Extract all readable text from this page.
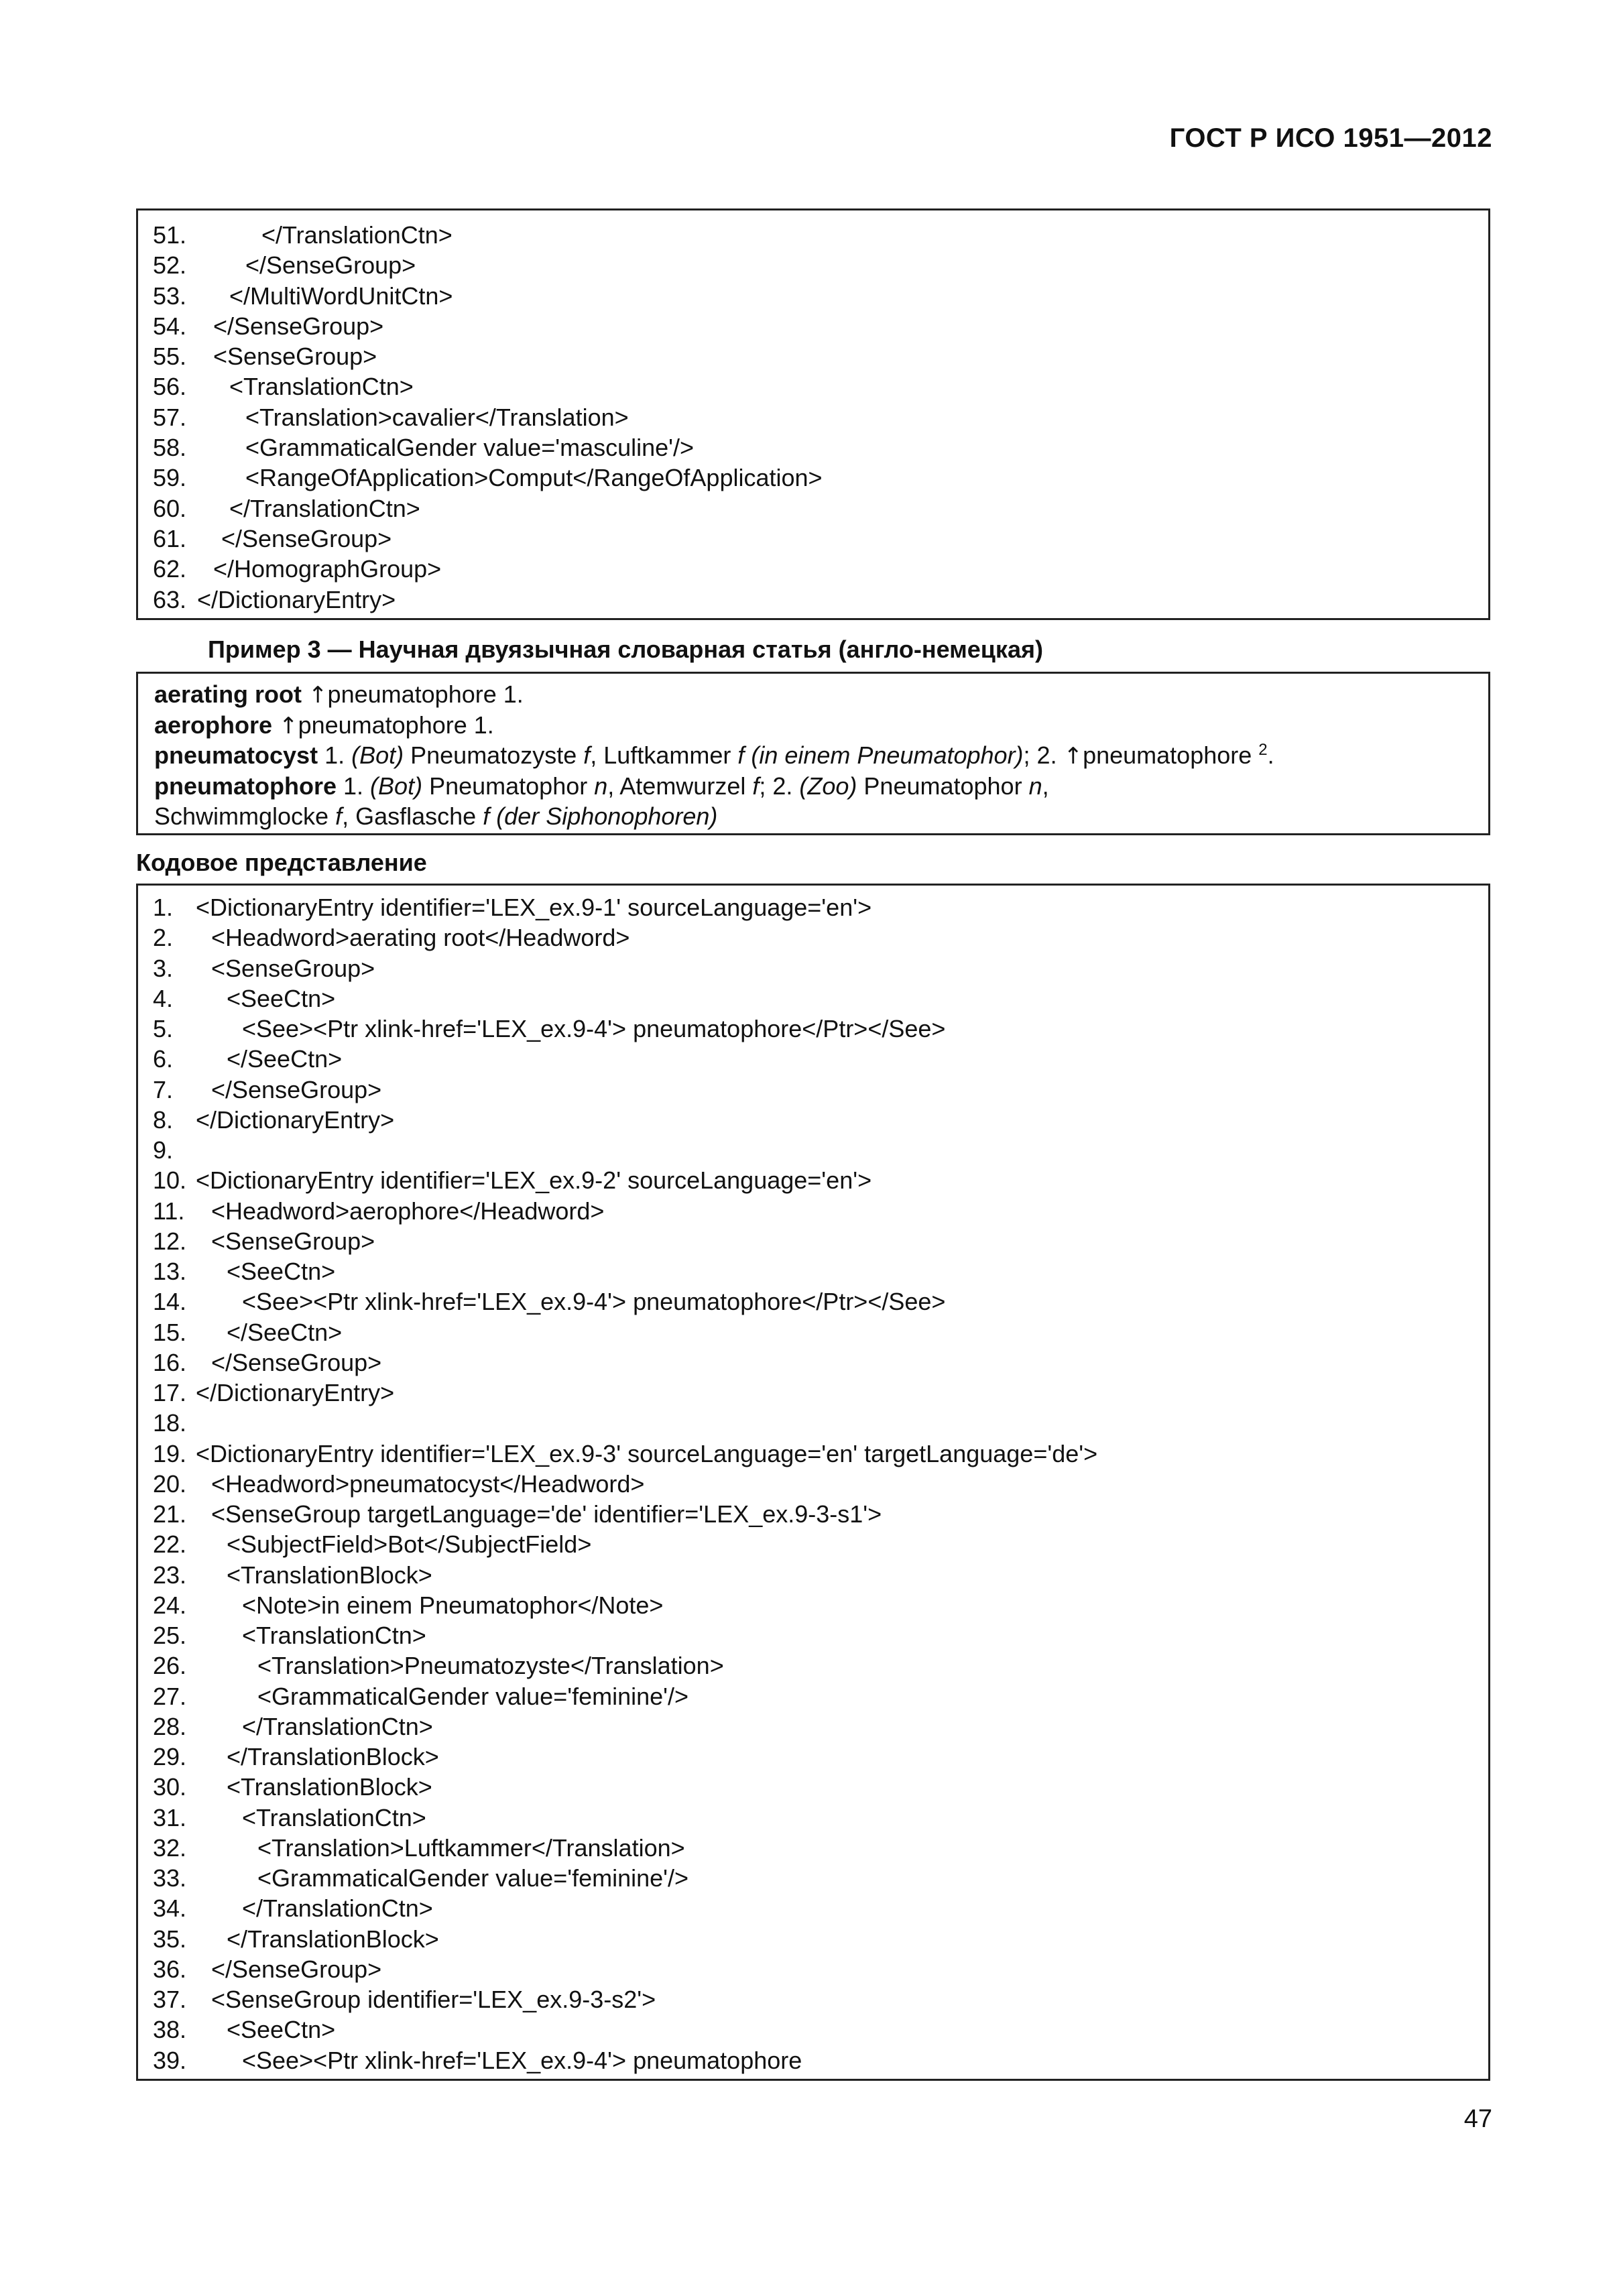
ГОСТ Р ИСО 1951—2012
51.	</TranslationCtn>
52. </SenseGroup>
53. </MultiWordUnitCtn>
54. </SenseGroup>
55. <SenseGroup>
56. <TranslationCtn>
57. <Translation>cavalier</Translation>
58. <GrammaticalGender value='masculine'/>
59. <RangeOfApplication>Comput</RangeOfApplication>
60. </TranslationCtn>
61. </SenseGroup>
62. </HomographGroup>
63. </DictionaryEntry>
Пример 3 — Научная двуязычная словарная статья (англо-немецкая)
aerating root ↑pneumatophore 1.
aerophore ↑pneumatophore 1.
pneumatocyst 1. (Bot) Pneumatozyste f, Luftkammer f (in einem Pneumatophor); 2. ↑pneumatophore $^2$.
pneumatophore 1. (Bot) Pneumatophor n, Atemwurzel f; 2. (Zoo) Pneumatophor n,
Schwimmglocke f, Gasflasche f (der Siphonophoren)
Кодовое представление
1. <DictionaryEntry identifier='LEX_ex.9-1' sourceLanguage='en'>
2. <Headword>aerating root</Headword>
3. <SenseGroup>
4. <SeeCtn>
5.	<See><Ptr xlink-href='LEX_ex.9-4'> pneumatophore</Ptr></See>
6. </SeeCtn>
7. </SenseGroup>
8. </DictionaryEntry>
9.
10. <DictionaryEntry identifier='LEX_ex.9-2' sourceLanguage='en'>
11. <Headword>aerophore</Headword>
12. <SenseGroup>
13. <SeeCtn>
14. <See><Ptr xlink-href='LEX_ex.9-4'> pneumatophore</Ptr></See>
15. </SeeCtn>
16. </SenseGroup>
17. </DictionaryEntry>
18.
19. <DictionaryEntry identifier='LEX_ex.9-3' sourceLanguage='en' targetLanguage='de'>
20. <Headword>pneumatocyst</Headword>
21. <SenseGroup targetLanguage='de' identifier='LEX_ex.9-3-s1'>
22. <SubjectField>Bot</SubjectField>
23. <TranslationBlock>
24. <Note>in einem Pneumatophor</Note>
25. <TranslationCtn>
26.	<Translation>Pneumatozyste</Translation>
27.	<GrammaticalGender value='feminine'/>
28. </TranslationCtn>
29. </TranslationBlock>
30. <TranslationBlock>
31. <TranslationCtn>
32.	<Translation>Luftkammer</Translation>
33.	<GrammaticalGender value='feminine'/>
34. </TranslationCtn>
35. </TranslationBlock>
36. </SenseGroup>
37. <SenseGroup identifier='LEX_ex.9-3-s2'>
38. <SeeCtn>
39. <See><Ptr xlink-href='LEX_ex.9-4'> pneumatophore
47
